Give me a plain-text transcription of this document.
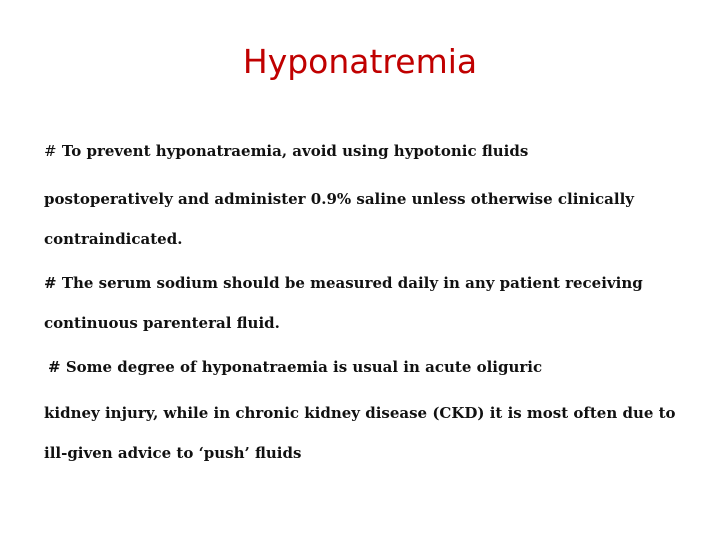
Hyponatremia
# To prevent hyponatraemia, avoid using hypotonic fluids
postoperatively and administer 0.9% saline unless otherwise clinically
contraindicated.
# The serum sodium should be measured daily in any patient receiving
continuous parenteral fluid.
# Some degree of hyponatraemia is usual in acute oliguric
kidney injury, while in chronic kidney disease (CKD) it is most often due to
ill-given advice to ‘push’ fluids
